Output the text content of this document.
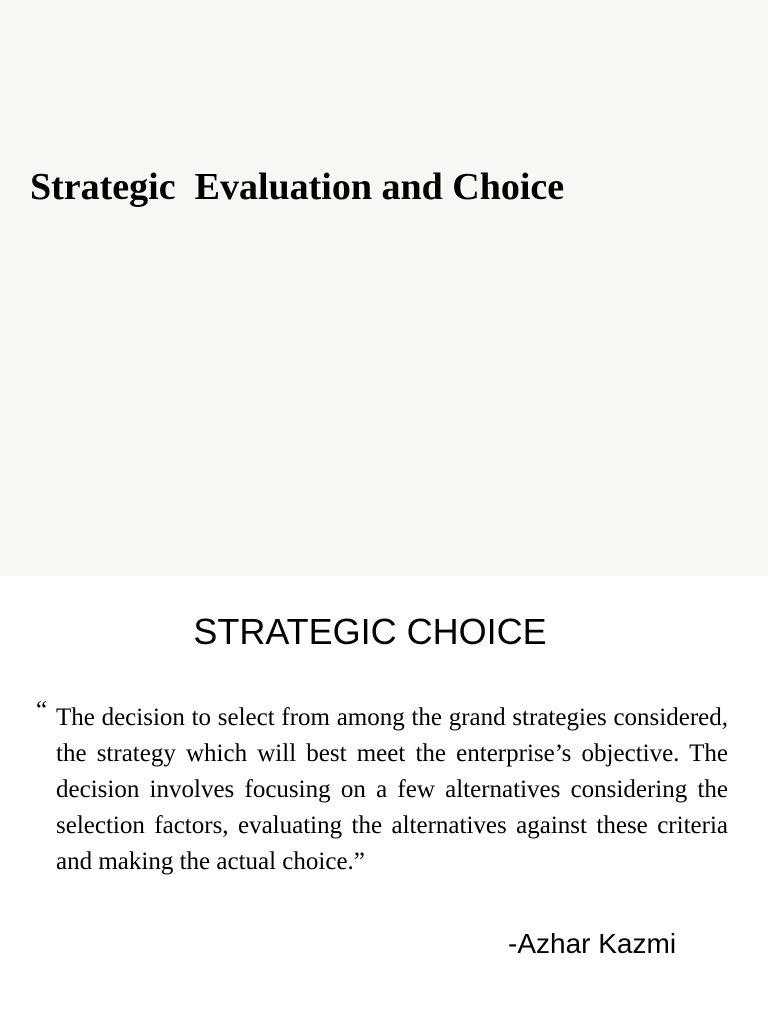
Strategic  Evaluation and Choice
STRATEGIC CHOICE
“ The decision to select from among the grand strategies considered, the strategy which will best meet the enterprise’s objective. The decision involves focusing on a few alternatives considering the selection factors, evaluating the alternatives against these criteria and making the actual choice.”

-Azhar Kazmi
